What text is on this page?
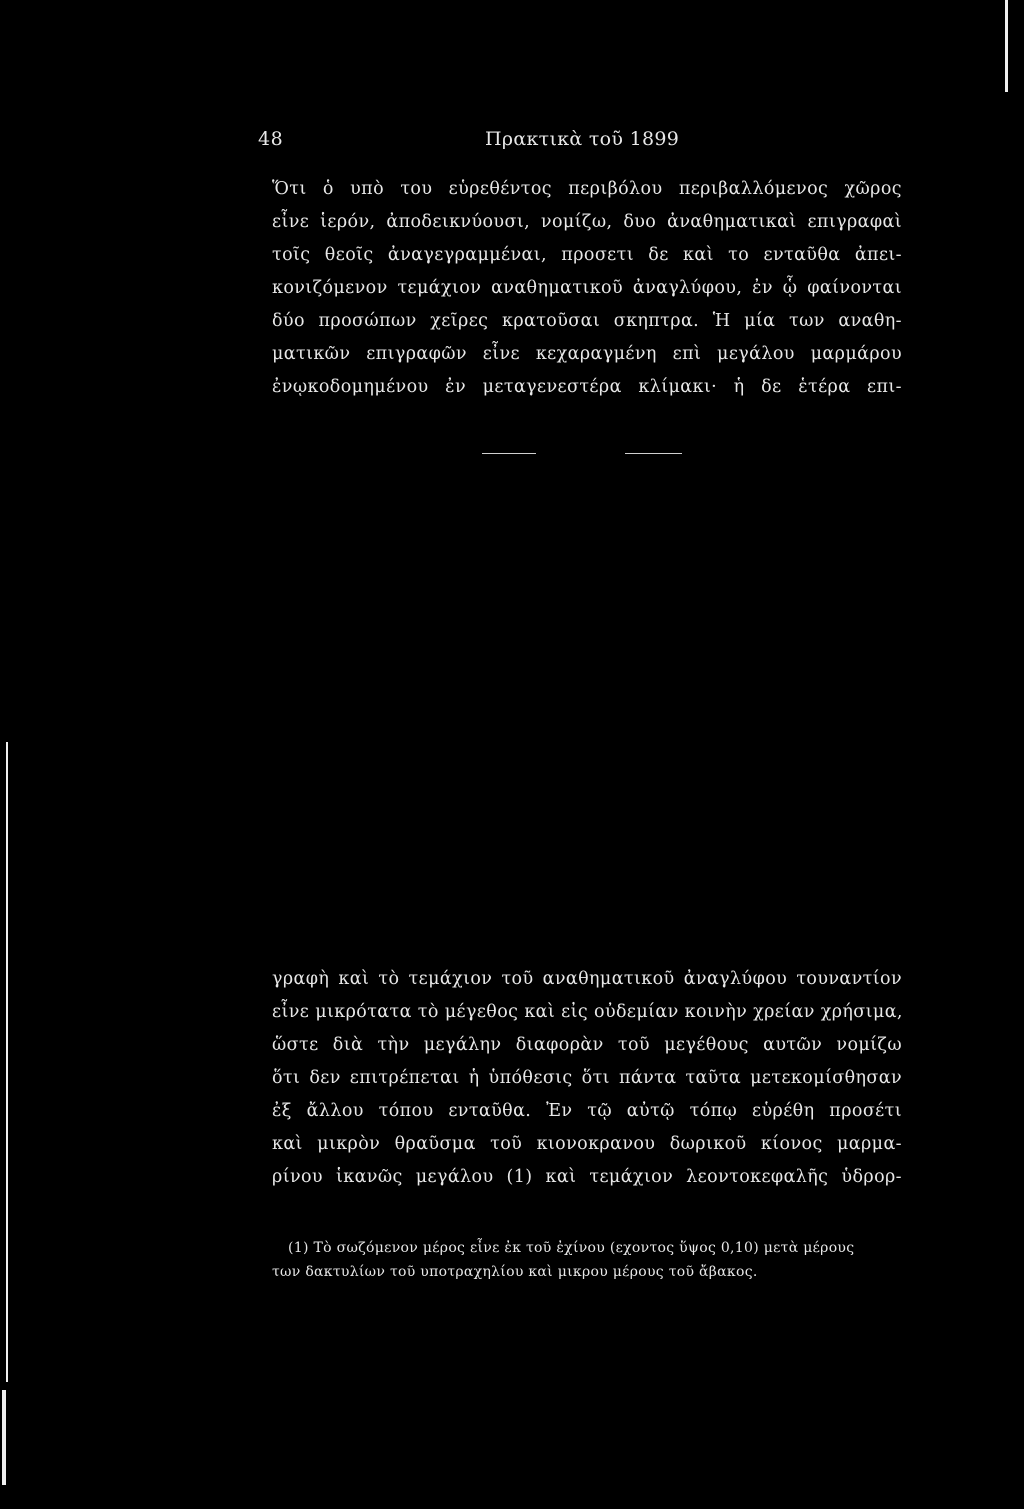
48	Πρακτικὰ τοῦ 1899
Ὅτι ὁ υπὸ του εὑρεθέντος περιβόλου περιβαλλόμενος χῶρος
εἶνε ἱερόν, ἀποδεικνύουσι, νομίζω, δυο ἀναθηματικαὶ επιγραφαὶ
τοῖς θεοῖς ἀναγεγραμμέναι, προσετι δε καὶ το ενταῦθα ἀπει-
κονιζόμενον τεμάχιον αναθηματικοῦ ἀναγλύφου, ἐν ᾧ φαίνονται
δύο προσώπων χεῖρες κρατοῦσαι σκηπτρα. Ἡ μία των αναθη-
ματικῶν επιγραφῶν εἶνε κεχαραγμένη επὶ μεγάλου μαρμάρου
ἐνῳκοδομημένου ἐν μεταγενεστέρα κλίμακι· ἡ δε ἑτέρα επι-
γραφὴ καὶ τὸ τεμάχιον τοῦ αναθηματικοῦ ἀναγλύφου τουναντίον
εἶνε μικρότατα τὸ μέγεθος καὶ εἰς οὐδεμίαν κοινὴν χρείαν χρήσιμα,
ὥστε διὰ τὴν μεγάλην διαφορὰν τοῦ μεγέθους αυτῶν νομίζω
ὅτι δεν επιτρέπεται ἡ ὑπόθεσις ὅτι πάντα ταῦτα μετεκομίσθησαν
ἐξ ἄλλου τόπου ενταῦθα. Ἐν τῷ αὐτῷ τόπῳ εὑρέθη προσέτι
καὶ μικρὸν θραῦσμα τοῦ κιονοκρανου δωρικοῦ κίονος μαρμα-
ρίνου ἱκανῶς μεγάλου (1) καὶ τεμάχιον λεοντοκεφαλῆς ὑδρορ-
(1) Τὸ σωζόμενον μέρος εἶνε ἐκ τοῦ ἐχίνου (εχοντος ὕψος 0,10) μετὰ μέρους
των δακτυλίων τοῦ υποτραχηλίου καὶ μικρου μέρους τοῦ ἄβακος.
